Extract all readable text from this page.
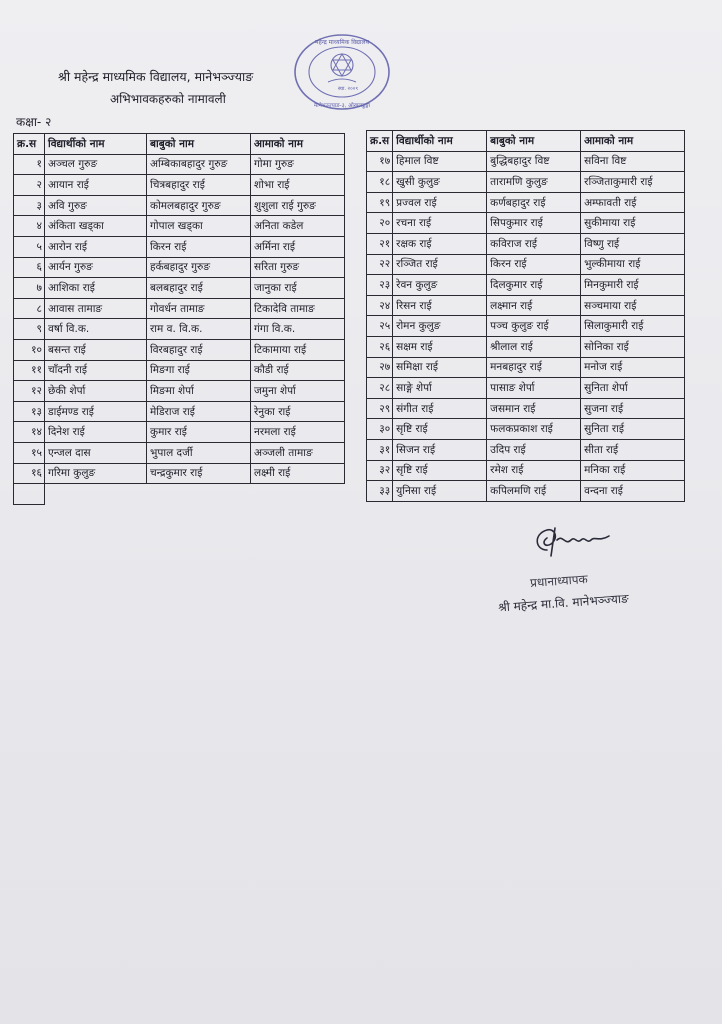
श्री महेन्द्र माध्यमिक विद्यालय, मानेभञ्ज्याङ
अभिभावकहरुको नामावली
कक्षा- २
महेन्द्र माध्यमिक विद्यालय
मानेभञ्ज्याङ-३, ओखलढुङ्गा
स्था. २००९
क्र.स	विद्यार्थीको नाम	बाबुको नाम	आमाको नाम
१	अञ्चल गुरुङ	अम्बिकाबहादुर गुरुङ	गोमा गुरुङ
२	आयान राई	चित्रबहादुर राई	शोभा राई
३	अवि गुरुङ	कोमलबहादुर गुरुङ	शुशुला राई गुरुङ
४	अंकिता खड्का	गोपाल खड्का	अनिता कडेल
५	आरोन राई	किरन राई	अर्मिना राई
६	आर्यन गुरुङ	हर्कबहादुर गुरुङ	सरिता गुरुङ
७	आशिका राई	बलबहादुर राई	जानुका राई
८	आवास तामाङ	गोवर्धन तामाङ	टिकादेवि तामाङ
९	वर्षा वि.क.	राम व. वि.क.	गंगा वि.क.
१०	बसन्त राई	विरबहादुर राई	टिकामाया राई
११	चाँदनी राई	मिङगा राई	कौडी राई
१२	छेकी शेर्पा	मिङमा शेर्पा	जमुना शेर्पा
१३	डाईमण्ड राई	मेडिराज राई	रेनुका राई
१४	दिनेश राई	कुमार राई	नरमला राई
१५	एन्जल दास	भुपाल दर्जी	अञ्जली तामाङ
१६	गरिमा कुलुङ	चन्द्रकुमार राई	लक्ष्मी राई

क्र.स	विद्यार्थीको नाम	बाबुको नाम	आमाको नाम
१७	हिमाल विष्ट	बुद्धिबहादुर विष्ट	सविना विष्ट
१८	खुसी कुलुङ	तारामणि कुलुङ	रञ्जिताकुमारी राई
१९	प्रज्वल राई	कर्णबहादुर राई	अम्फावती राई
२०	रचना राई	सिपकुमार राई	सुकीमाया राई
२१	रक्षक राई	कविराज राई	विष्णु राई
२२	रञ्जित राई	किरन राई	भुल्कीमाया राई
२३	रेवन कुलुङ	दिलकुमार राई	मिनकुमारी राई
२४	रिसन राई	लक्ष्मान राई	सञ्चमाया राई
२५	रोमन कुलुङ	पञ्च कुलुङ राई	सिलाकुमारी राई
२६	सक्षम राई	श्रीलाल राई	सोनिका राई
२७	समिक्षा राई	मनबहादुर राई	मनोज राई
२८	साङ्गे शेर्पा	पासाङ शेर्पा	सुनिता शेर्पा
२९	संगीत राई	जसमान राई	सुजना राई
३०	सृष्टि राई	फलकप्रकाश राई	सुनिता राई
३१	सिजन राई	उदिप राई	सीता राई
३२	सृष्टि राई	रमेश राई	मनिका राई
३३	युनिसा राई	कपिलमणि राई	वन्दना राई
प्रधानाध्यापक
श्री महेन्द्र मा.वि. मानेभञ्ज्याङ
